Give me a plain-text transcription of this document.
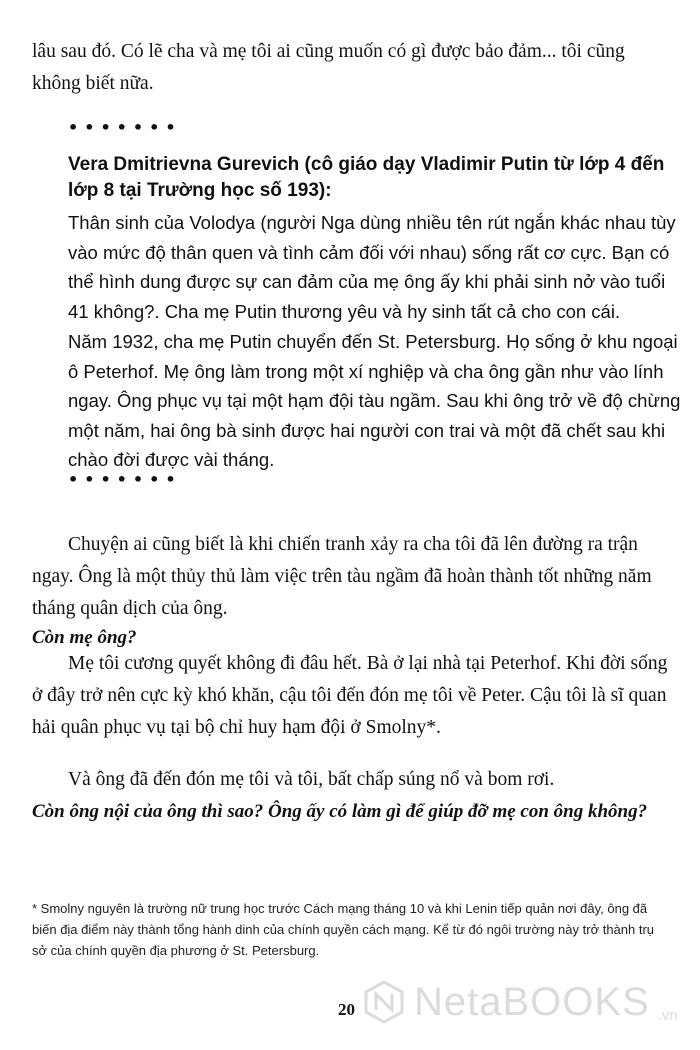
lâu sau đó. Có lẽ cha và mẹ tôi ai cũng muốn có gì được bảo đảm... tôi cũng không biết nữa.
•••••••
Vera Dmitrievna Gurevich (cô giáo dạy Vladimir Putin từ lớp 4 đến lớp 8 tại Trường học số 193):

Thân sinh của Volodya (người Nga dùng nhiều tên rút ngắn khác nhau tùy vào mức độ thân quen và tình cảm đối với nhau) sống rất cơ cực. Bạn có thể hình dung được sự can đảm của mẹ ông ấy khi phải sinh nở vào tuổi 41 không?. Cha mẹ Putin thương yêu và hy sinh tất cả cho con cái.

Năm 1932, cha mẹ Putin chuyển đến St. Petersburg. Họ sống ở khu ngoại ô Peterhof. Mẹ ông làm trong một xí nghiệp và cha ông gần như vào lính ngay. Ông phục vụ tại một hạm đội tàu ngầm. Sau khi ông trở về độ chừng một năm, hai ông bà sinh được hai người con trai và một đã chết sau khi chào đời được vài tháng.

•••••••

Chuyện ai cũng biết là khi chiến tranh xảy ra cha tôi đã lên đường ra trận ngay. Ông là một thủy thủ làm việc trên tàu ngầm đã hoàn thành tốt những năm tháng quân dịch của ông.

Còn mẹ ông?

Mẹ tôi cương quyết không đi đâu hết. Bà ở lại nhà tại Peterhof. Khi đời sống ở đây trở nên cực kỳ khó khăn, cậu tôi đến đón mẹ tôi về Peter. Cậu tôi là sĩ quan hải quân phục vụ tại bộ chỉ huy hạm đội ở Smolny*.

Và ông đã đến đón mẹ tôi và tôi, bất chấp súng nổ và bom rơi.

Còn ông nội của ông thì sao? Ông ấy có làm gì để giúp đỡ mẹ con ông không?

* Smolny nguyên là trường nữ trung học trước Cách mạng tháng 10 và khi Lenin tiếp quản nơi đây, ông đã biến địa điểm này thành tổng hành dinh của chính quyền cách mạng. Kể từ đó ngôi trường này trở thành trụ sở của chính quyền địa phương ở St. Petersburg.
20 NetaBOOKS .vn
